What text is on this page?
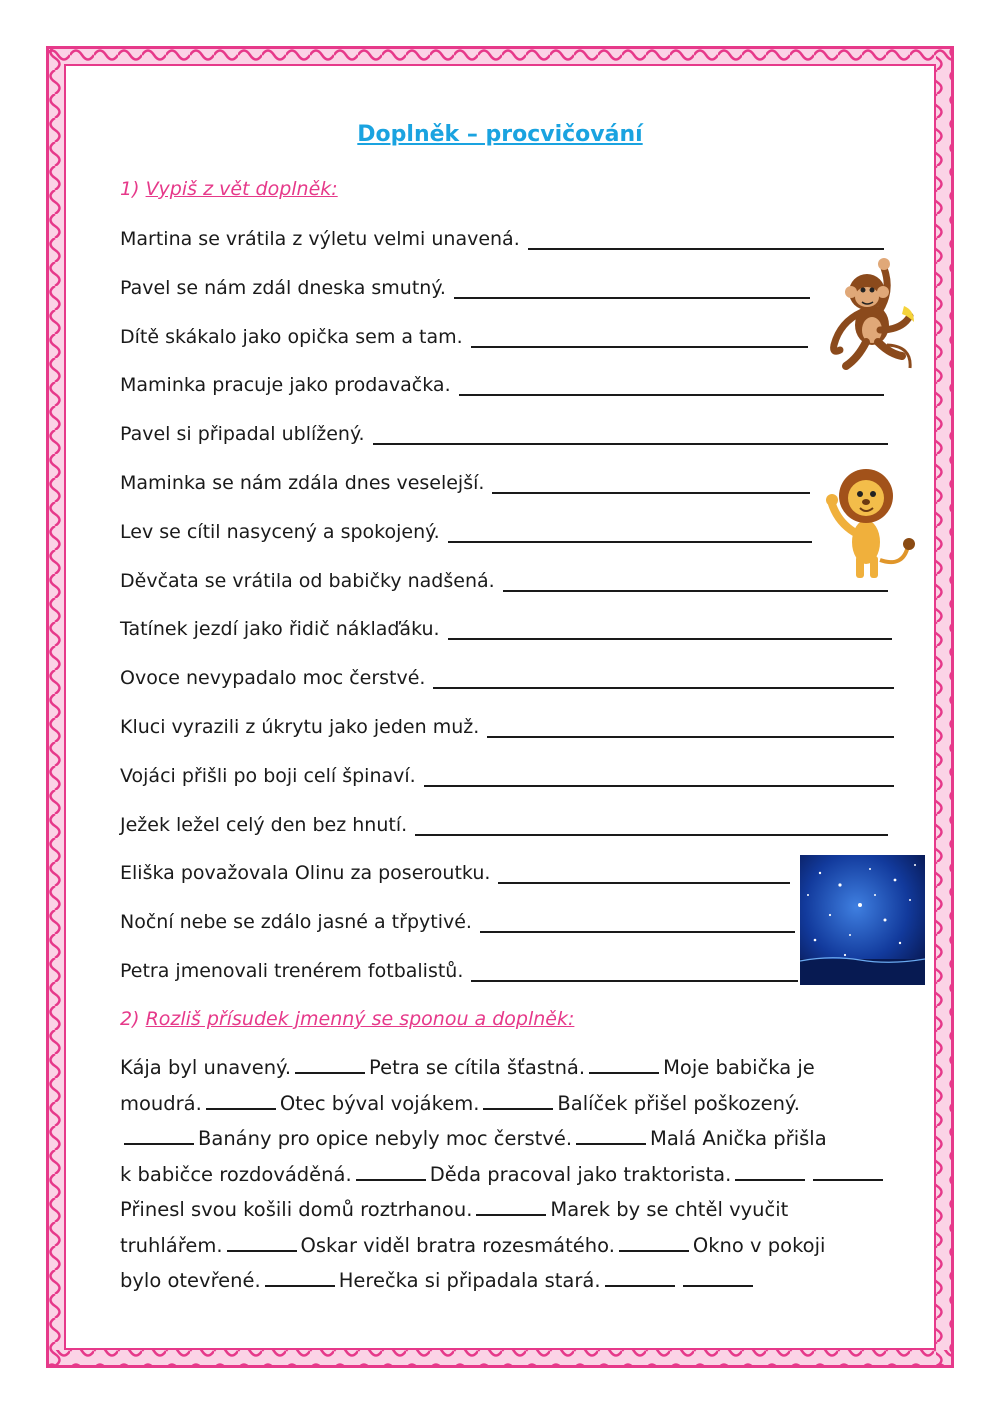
Doplněk – procvičování
1) Vypiš z vět doplněk:
Martina se vrátila z výletu velmi unavená.
Pavel se nám zdál dneska smutný.
Dítě skákalo jako opička sem a tam.
Maminka pracuje jako prodavačka.
Pavel si připadal ublížený.
Maminka se nám zdála dnes veselejší.
Lev se cítil nasycený a spokojený.
Děvčata se vrátila od babičky nadšená.
Tatínek jezdí jako řidič náklaďáku.
Ovoce nevypadalo moc čerstvé.
Kluci vyrazili z úkrytu jako jeden muž.
Vojáci přišli po boji celí špinaví.
Ježek ležel celý den bez hnutí.
Eliška považovala Olinu za poseroutku.
Noční nebe se zdálo jasné a třpytivé.
Petra jmenovali trenérem fotbalistů.
2) Rozliš přísudek jmenný se sponou a doplněk:
Kája byl unavený.	Petra se cítila šťastná.	Moje babička je
moudrá.	Otec býval vojákem.	Balíček přišel poškozený.
Banány pro opice nebyly moc čerstvé.	Malá Anička přišla
k babičce rozdováděná.	Děda pracoval jako traktorista.
Přinesl svou košili domů roztrhanou.	Marek by se chtěl vyučit
truhlářem.	Oskar viděl bratra rozesmátého.	Okno v pokoji
bylo otevřené.	Herečka si připadala stará.
